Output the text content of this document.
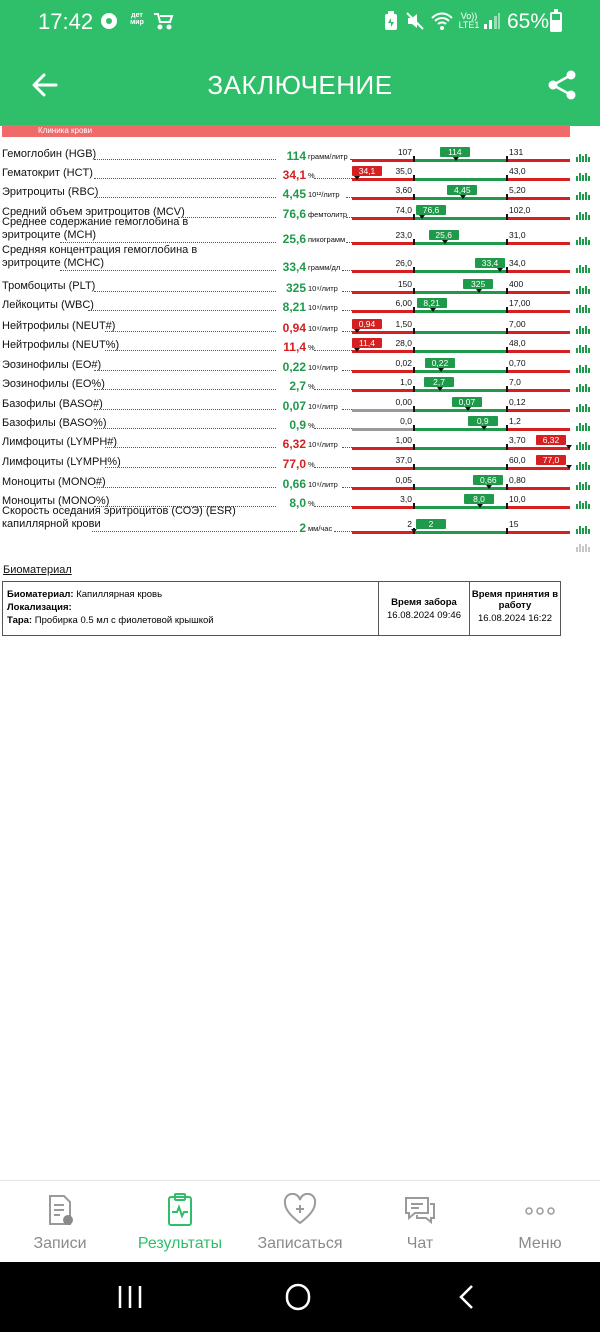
17:42	дет мир
Vo)) LTE1 65%
ЗАКЛЮЧЕНИЕ
Клиника крови
Гемоглобин (HGB)	114 грамм/литр	107	131
114
Гематокрит (HCT)	34,1 %	35,0	43,0
34,1
Эритроциты (RBC)	4,45 10¹²/литр	3,60	5,20
4,45
Средний объем эритроцитов (MCV)	76,6 фемтолитр	74,0	102,0
76,6
Среднее содержание гемоглобина в эритроците (MCH)	25,6 пикограмм	23,0	31,0
25,6
Средняя концентрация гемоглобина в эритроците (MCHC)	33,4 грамм/дл	26,0	34,0
33,4
Тромбоциты (PLT)	325 10⁹/литр	150	400
325
Лейкоциты (WBC)	8,21 10⁹/литр	6,00	17,00
8,21
Нейтрофилы (NEUT#)	0,94 10⁹/литр	1,50	7,00
0,94
Нейтрофилы (NEUT%)	11,4 %	28,0	48,0
11,4
Эозинофилы (EO#)	0,22 10⁹/литр	0,02	0,70
0,22
Эозинофилы (EO%)	2,7 %	1,0	7,0
2,7
Базофилы (BASO#)	0,07 10⁹/литр	0,00	0,12
0,07
Базофилы (BASO%)	0,9 %	0,0	1,2
0,9
Лимфоциты (LYMPH#)	6,32 10⁹/литр	1,00	3,70	6,32
Лимфоциты (LYMPH%)	77,0 %	37,0	60,0	77,0
Моноциты (MONO#)	0,66 10⁹/литр	0,05	0,80
0,66
Моноциты (MONO%)	8,0 %	3,0	10,0
8,0
Скорость оседания эритроцитов (СОЭ) (ESR) капиллярной крови	2 мм/час	2	15
2
Биоматериал
Биоматериал: Капиллярная кровь
Локализация:
Тара: Пробирка 0.5 мл с фиолетовой крышкой
Время забора
16.08.2024 09:46
Время принятия в работу
16.08.2024 16:22
Записи	Результаты	Записаться	Чат	Меню
